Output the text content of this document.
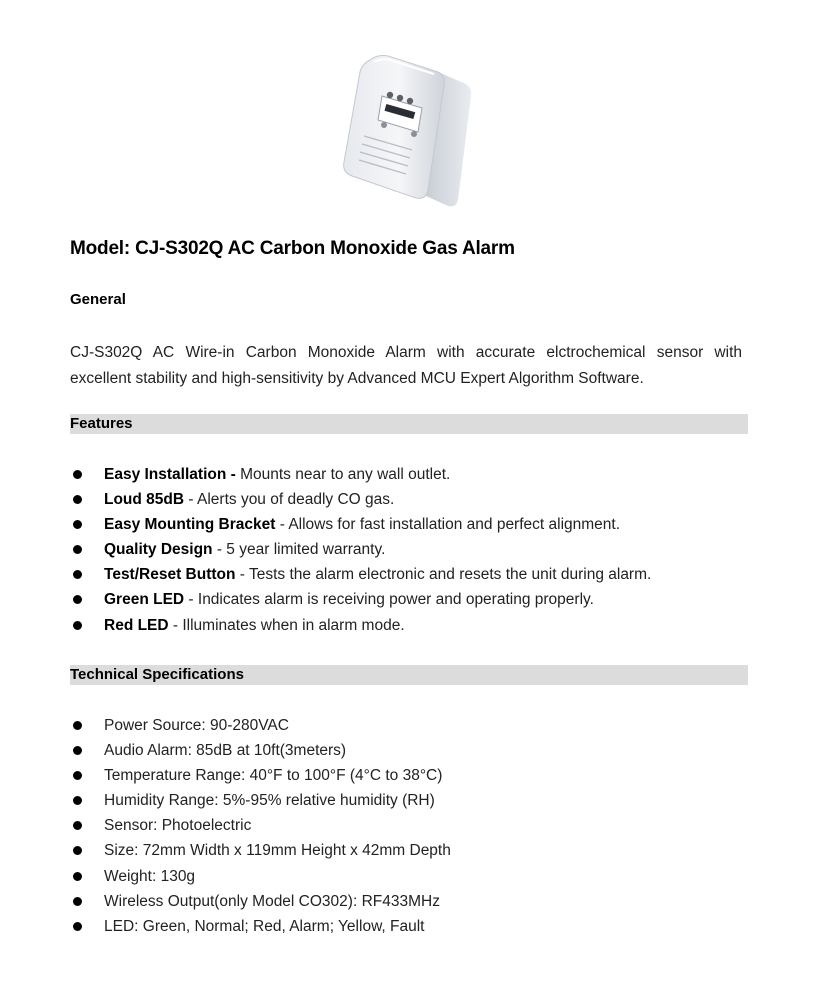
Model: CJ-S302Q AC Carbon Monoxide Gas Alarm
General

CJ-S302Q AC Wire-in Carbon Monoxide Alarm with accurate elctrochemical sensor with
excellent stability and high-sensitivity by Advanced MCU Expert Algorithm Software.

Features
Easy Installation - Mounts near to any wall outlet.
Loud 85dB - Alerts you of deadly CO gas.
Easy Mounting Bracket - Allows for fast installation and perfect alignment.
Quality Design - 5 year limited warranty.
Test/Reset Button - Tests the alarm electronic and resets the unit during alarm.
Green LED - Indicates alarm is receiving power and operating properly.
Red LED - Illuminates when in alarm mode.
Technical Specifications
Power Source: 90-280VAC
Audio Alarm: 85dB at 10ft(3meters)
Temperature Range: 40°F to 100°F (4°C to 38°C)
Humidity Range: 5%-95% relative humidity (RH)
Sensor: Photoelectric
Size: 72mm Width x 119mm Height x 42mm Depth
Weight: 130g
Wireless Output(only Model CO302): RF433MHz
LED: Green, Normal; Red, Alarm; Yellow, Fault
